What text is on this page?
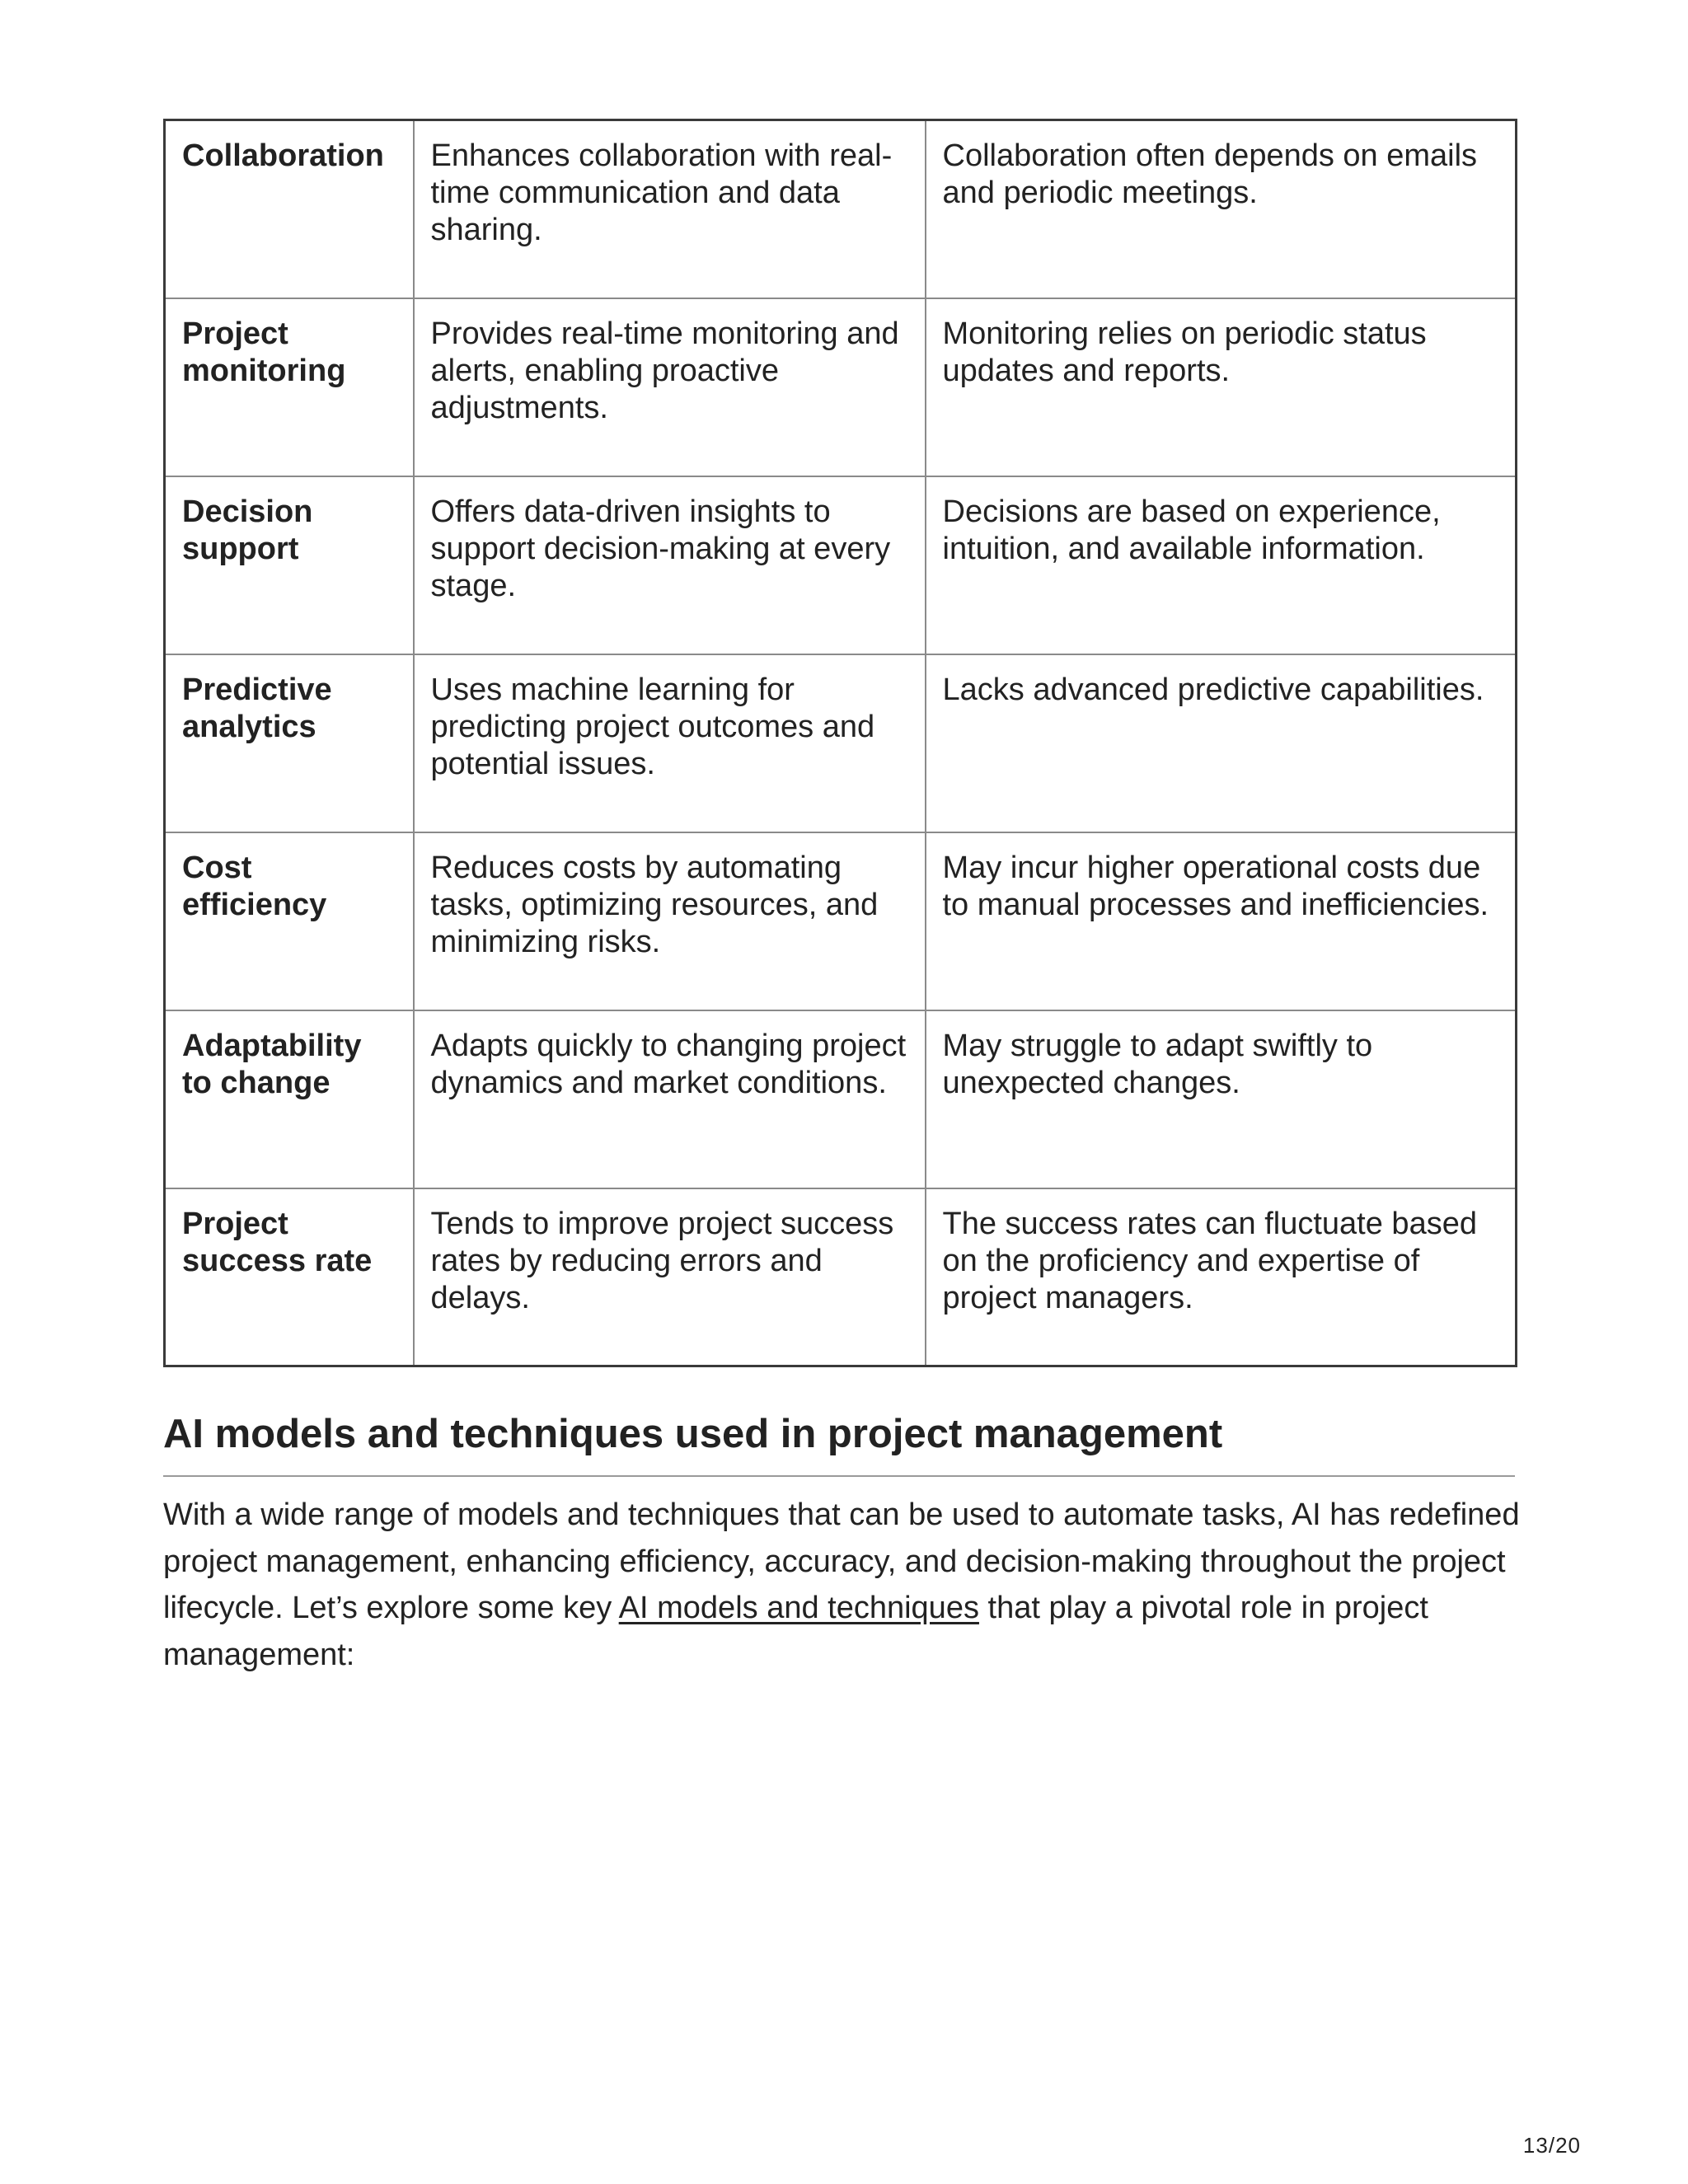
Collaboration	Enhances collaboration with real-time communication and data sharing.	Collaboration often depends on emails and periodic meetings.
Project monitoring	Provides real-time monitoring and alerts, enabling proactive adjustments.	Monitoring relies on periodic status updates and reports.
Decision support	Offers data-driven insights to support decision-making at every stage.	Decisions are based on experience, intuition, and available information.
Predictive analytics	Uses machine learning for predicting project outcomes and potential issues.	Lacks advanced predictive capabilities.
Cost efficiency	Reduces costs by automating tasks, optimizing resources, and minimizing risks.	May incur higher operational costs due to manual processes and inefficiencies.
Adaptability to change	Adapts quickly to changing project dynamics and market conditions.	May struggle to adapt swiftly to unexpected changes.
Project success rate	Tends to improve project success rates by reducing errors and delays.	The success rates can fluctuate based on the proficiency and expertise of project managers.
AI models and techniques used in project management

With a wide range of models and techniques that can be used to automate tasks, AI has redefined project management, enhancing efficiency, accuracy, and decision-making throughout the project lifecycle. Let’s explore some key AI models and techniques that play a pivotal role in project management:

13/20
